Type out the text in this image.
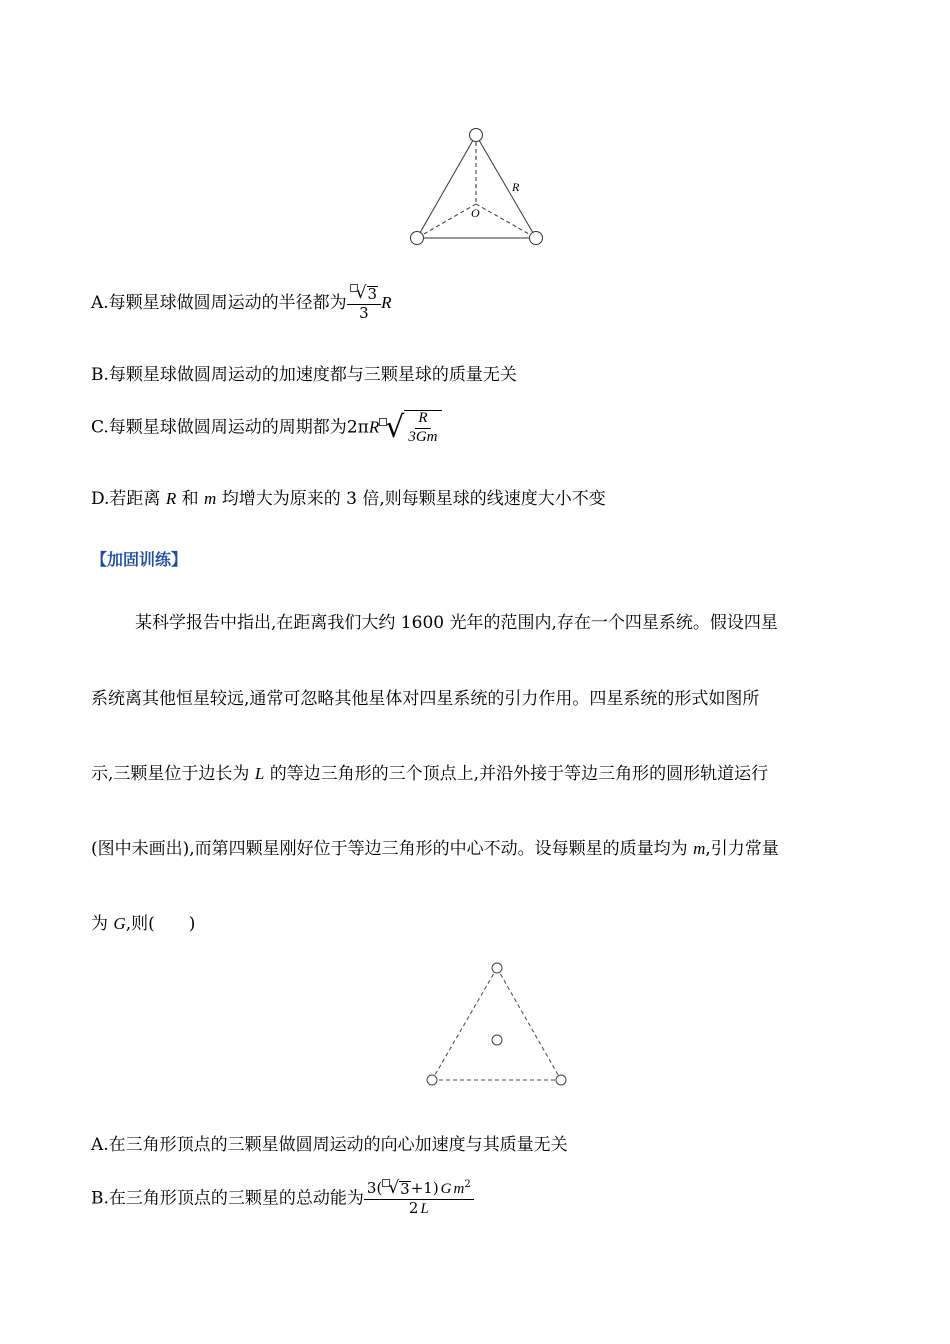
R
O
A.每颗星球做圆周运动的半径都为 $\frac{√ 3}{3}$ R
B.每颗星球做圆周运动的加速度都与三颗星球的质量无关
C.每颗星球做圆周运动的周期都为2πR √ $\frac{R}{3Gm}$
D.若距离 R 和 m 均增大为原来的 3 倍,则每颗星球的线速度大小不变
【加固训练】
某科学报告中指出,在距离我们大约 1600 光年的范围内,存在一个四星系统。假设四星
系统离其他恒星较远,通常可忽略其他星体对四星系统的引力作用。四星系统的形式如图所
示,三颗星位于边长为 L 的等边三角形的三个顶点上,并沿外接于等边三角形的圆形轨道运行
(图中未画出),而第四颗星刚好位于等边三角形的中心不动。设每颗星的质量均为 m,引力常量
为 G,则(　　)
A.在三角形顶点的三颗星做圆周运动的向心加速度与其质量无关
B.在三角形顶点的三颗星的总动能为 $\frac{3( √ 3 +1) G m^2}{2 L}$
